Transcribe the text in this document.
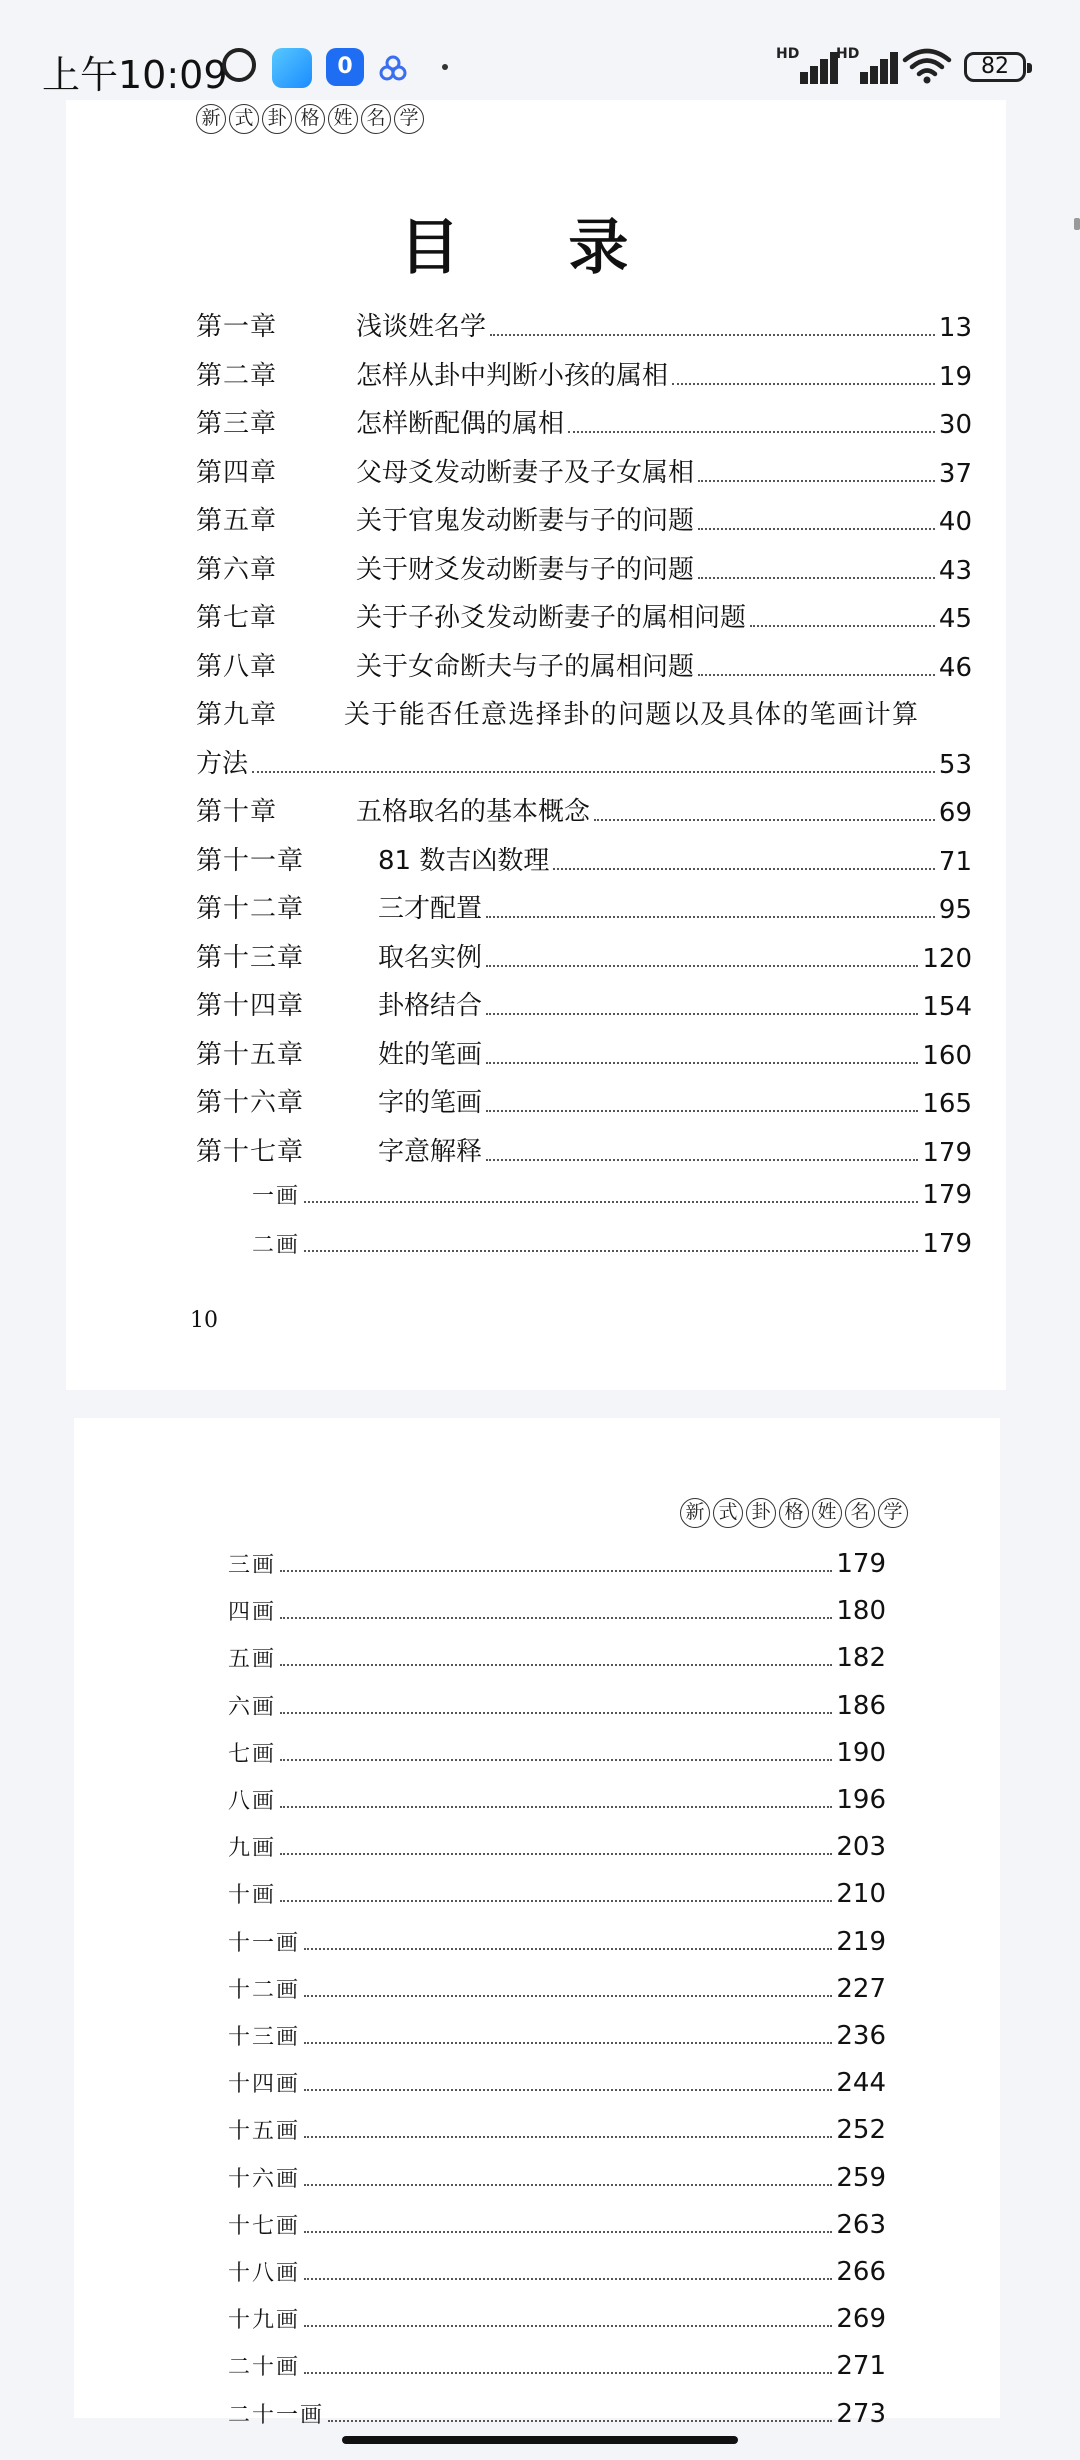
上午10:09	0	HD	HD	82
新 式 卦 格 姓 名 学
目 录
第一章	浅谈姓名学	13
第二章	怎样从卦中判断小孩的属相	19
第三章	怎样断配偶的属相	30
第四章	父母爻发动断妻子及子女属相	37
第五章	关于官鬼发动断妻与子的问题	40
第六章	关于财爻发动断妻与子的问题	43
第七章	关于子孙爻发动断妻子的属相问题	45
第八章	关于女命断夫与子的属相问题	46
第九章	关于能否任意选择卦的问题以及具体的笔画计算
方法	53
第十章	五格取名的基本概念	69
第十一章	81 数吉凶数理	71
第十二章	三才配置	95
第十三章	取名实例	120
第十四章	卦格结合	154
第十五章	姓的笔画	160
第十六章	字的笔画	165
第十七章	字意解释	179
一画	179
二画	179
10
新 式 卦 格 姓 名 学
三画	179
四画	180
五画	182
六画	186
七画	190
八画	196
九画	203
十画	210
十一画	219
十二画	227
十三画	236
十四画	244
十五画	252
十六画	259
十七画	263
十八画	266
十九画	269
二十画	271
二十一画	273
